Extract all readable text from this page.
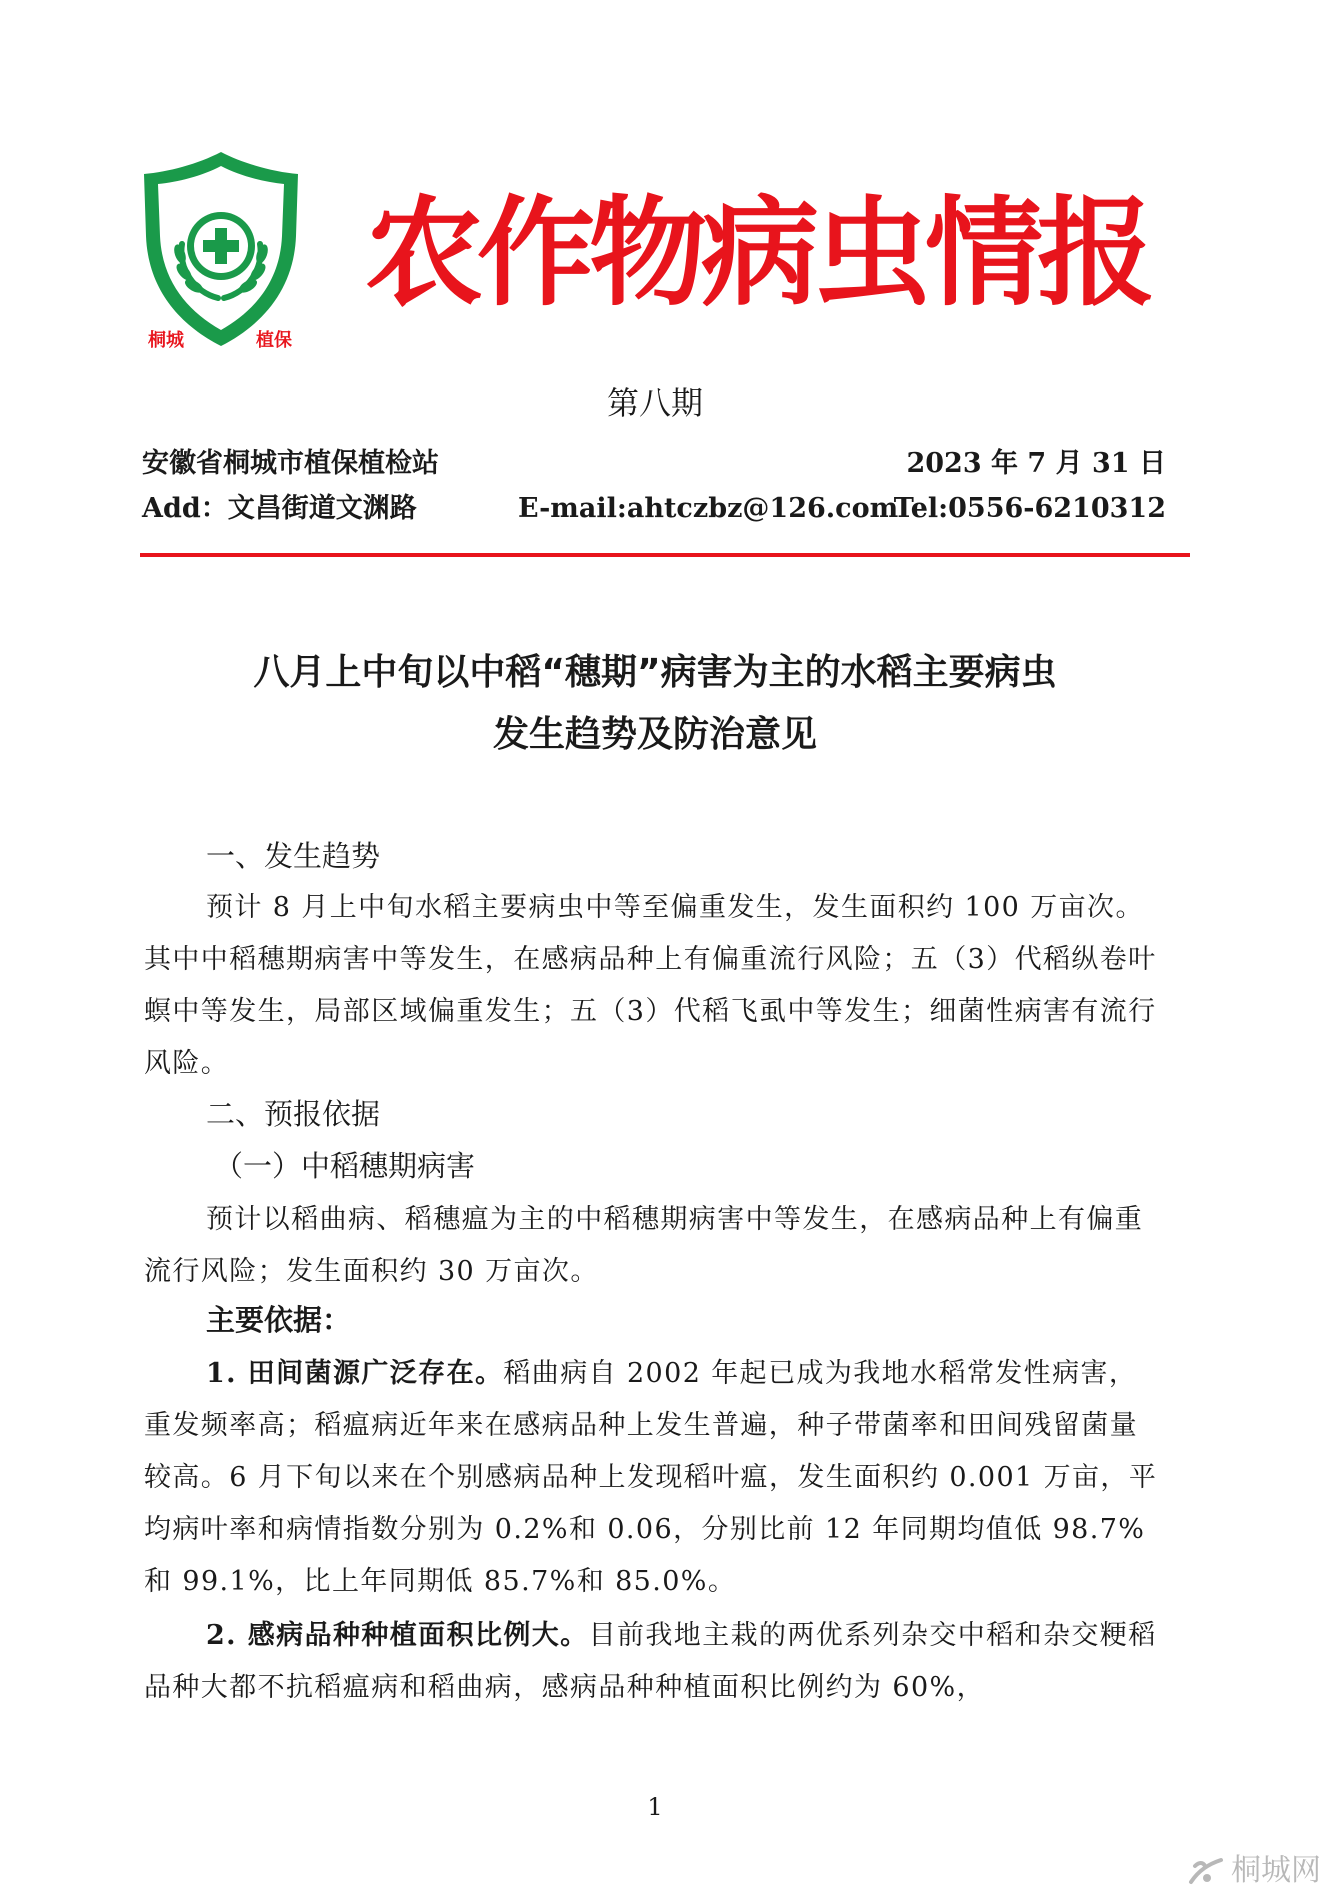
桐城	植保
农作物病虫情报
第八期
安徽省桐城市植保植检站	2023 年 7 月 31 日
Add：文昌街道文渊路	E-mail:ahtczbz@126.com
Tel:0556-6210312
八月上中旬以中稻“穗期”病害为主的水稻主要病虫
发生趋势及防治意见
一、发生趋势

预计 8 月上中旬水稻主要病虫中等至偏重发生，发生面积约 100 万亩次。其中中稻穗期病害中等发生，在感病品种上有偏重流行风险；五（3）代稻纵卷叶螟中等发生，局部区域偏重发生；五（3）代稻飞虱中等发生；细菌性病害有流行风险。

二、预报依据
（一）中稻穗期病害

预计以稻曲病、稻穗瘟为主的中稻穗期病害中等发生，在感病品种上有偏重流行风险；发生面积约 30 万亩次。

主要依据：

1. 田间菌源广泛存在。稻曲病自 2002 年起已成为我地水稻常发性病害，重发频率高；稻瘟病近年来在感病品种上发生普遍，种子带菌率和田间残留菌量较高。6 月下旬以来在个别感病品种上发现稻叶瘟，发生面积约 0.001 万亩，平均病叶率和病情指数分别为 0.2%和 0.06，分别比前 12 年同期均值低 98.7%和 99.1%，比上年同期低 85.7%和 85.0%。

2. 感病品种种植面积比例大。目前我地主栽的两优系列杂交中稻和杂交粳稻品种大都不抗稻瘟病和稻曲病，感病品种种植面积比例约为 60%，

1
桐城网
